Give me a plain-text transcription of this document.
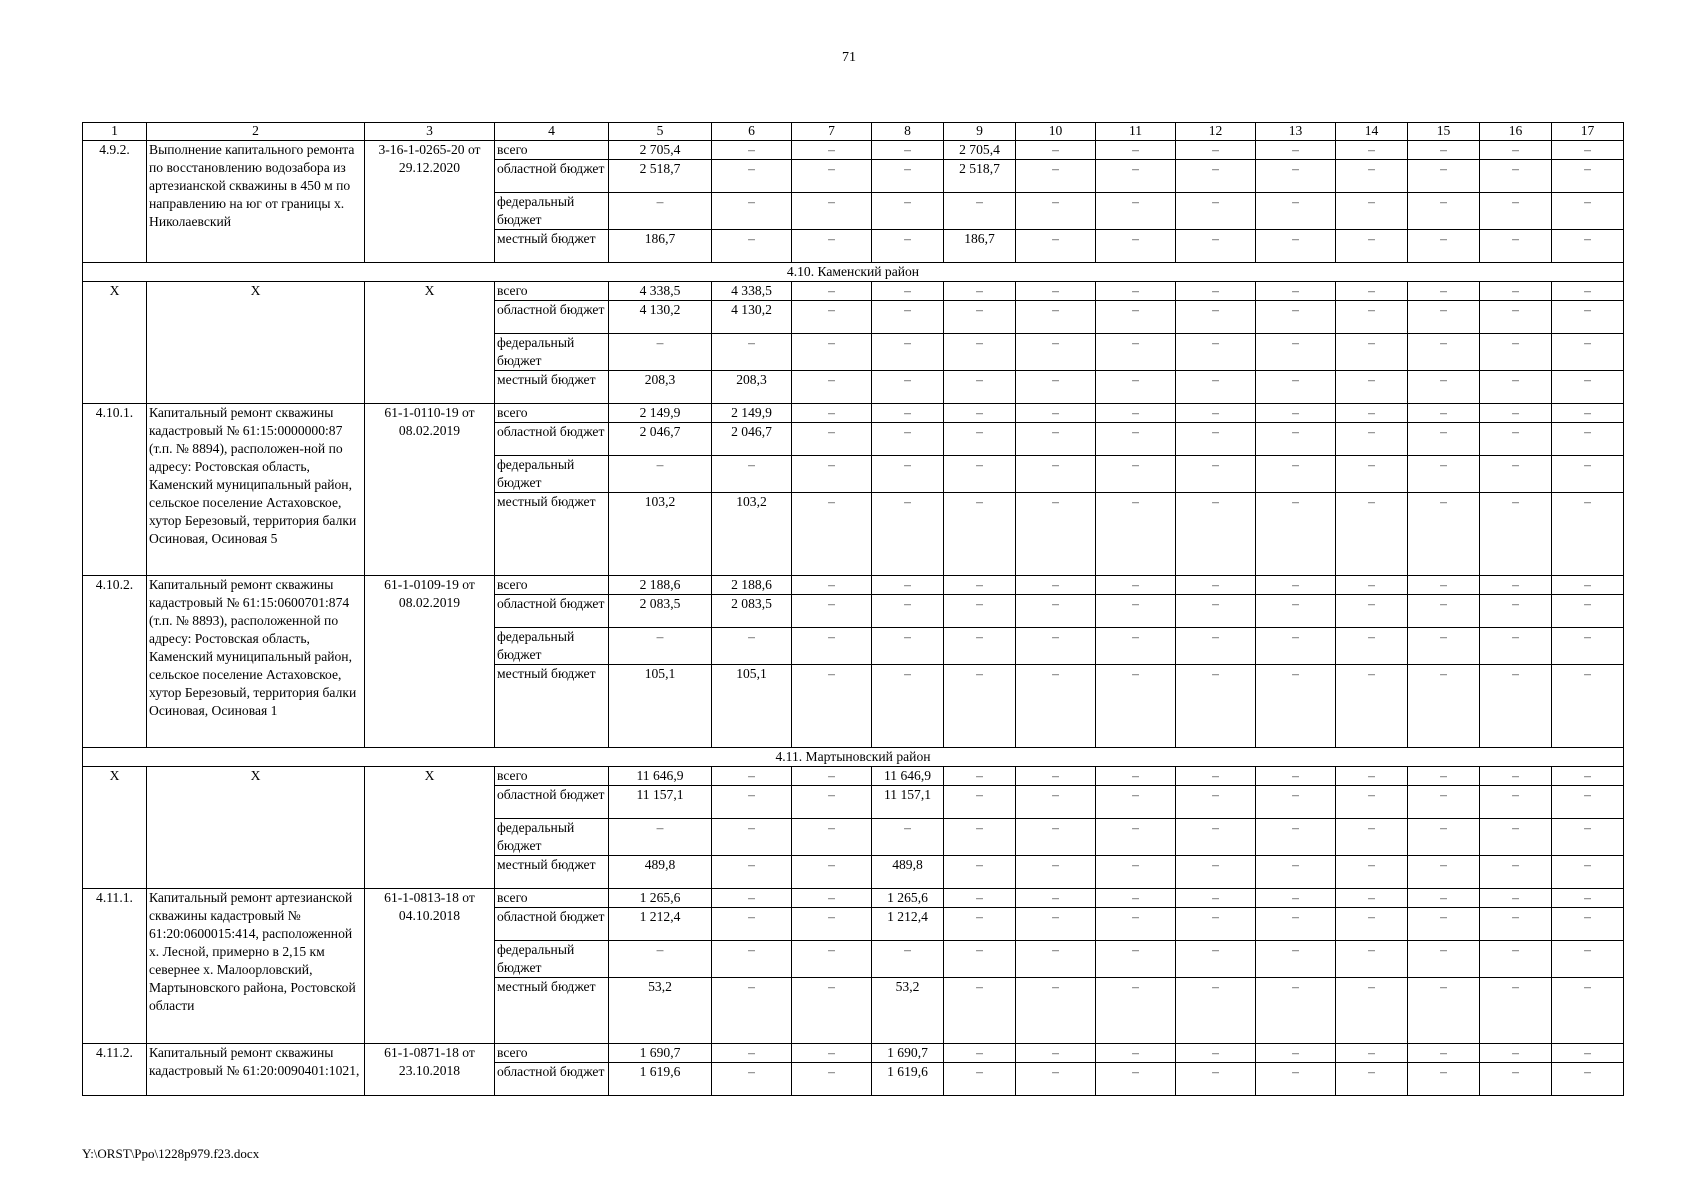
71
1	2	3	4	5	6	7	8	9	10	11	12	13	14	15	16	17
4.9.2.	Выполнение капитального ремонта по восстановлению водозабора из артезианской скважины в 450 м по направлению на юг от границы х. Николаевский	3-16-1-0265-20 от 29.12.2020	всего	2 705,4	–	–	–	2 705,4	–	–	–	–	–	–	–	–
			областной бюджет	2 518,7	–	–	–	2 518,7	–	–	–	–	–	–	–	–
			федеральный бюджет	–	–	–	–	–	–	–	–	–	–	–	–	–
			местный бюджет	186,7	–	–	–	186,7	–	–	–	–	–	–	–	–
4.10. Каменский район																
X	X	X	всего	4 338,5	4 338,5	–	–	–	–	–	–	–	–	–	–	–
			областной бюджет	4 130,2	4 130,2	–	–	–	–	–	–	–	–	–	–	–
			федеральный бюджет	–	–	–	–	–	–	–	–	–	–	–	–	–
			местный бюджет	208,3	208,3	–	–	–	–	–	–	–	–	–	–	–
4.10.1.	Капитальный ремонт скважины кадастровый № 61:15:0000000:87 (т.п. № 8894), расположен-ной по адресу: Ростовская область, Каменский муниципальный район, сельское поселение Астаховское, хутор Березовый, территория балки Осиновая, Осиновая 5	61-1-0110-19 от 08.02.2019	всего	2 149,9	2 149,9	–	–	–	–	–	–	–	–	–	–	–
			областной бюджет	2 046,7	2 046,7	–	–	–	–	–	–	–	–	–	–	–
			федеральный бюджет	–	–	–	–	–	–	–	–	–	–	–	–	–
			местный бюджет	103,2	103,2	–	–	–	–	–	–	–	–	–	–	–
4.10.2.	Капитальный ремонт скважины кадастровый № 61:15:0600701:874 (т.п. № 8893), расположенной по адресу: Ростовская область, Каменский муниципальный район, сельское поселение Астаховское, хутор Березовый, территория балки Осиновая, Осиновая 1	61-1-0109-19 от 08.02.2019	всего	2 188,6	2 188,6	–	–	–	–	–	–	–	–	–	–	–
			областной бюджет	2 083,5	2 083,5	–	–	–	–	–	–	–	–	–	–	–
			федеральный бюджет	–	–	–	–	–	–	–	–	–	–	–	–	–
			местный бюджет	105,1	105,1	–	–	–	–	–	–	–	–	–	–	–
4.11. Мартыновский район																
X	X	X	всего	11 646,9	–	–	11 646,9	–	–	–	–	–	–	–	–	–
			областной бюджет	11 157,1	–	–	11 157,1	–	–	–	–	–	–	–	–	–
			федеральный бюджет	–	–	–	–	–	–	–	–	–	–	–	–	–
			местный бюджет	489,8	–	–	489,8	–	–	–	–	–	–	–	–	–
4.11.1.	Капитальный ремонт артезианской скважины кадастровый № 61:20:0600015:414, расположенной х. Лесной, примерно в 2,15 км севернее х. Малоорловский, Мартыновского района, Ростовской области	61-1-0813-18 от 04.10.2018	всего	1 265,6	–	–	1 265,6	–	–	–	–	–	–	–	–	–
			областной бюджет	1 212,4	–	–	1 212,4	–	–	–	–	–	–	–	–	–
			федеральный бюджет	–	–	–	–	–	–	–	–	–	–	–	–	–
			местный бюджет	53,2	–	–	53,2	–	–	–	–	–	–	–	–	–
4.11.2.	Капитальный ремонт скважины кадастровый № 61:20:0090401:1021,	61-1-0871-18 от 23.10.2018	всего	1 690,7	–	–	1 690,7	–	–	–	–	–	–	–	–	–
			областной бюджет	1 619,6	–	–	1 619,6	–	–	–	–	–	–	–	–	–
Y:\ORST\Ppo\1228p979.f23.docx
